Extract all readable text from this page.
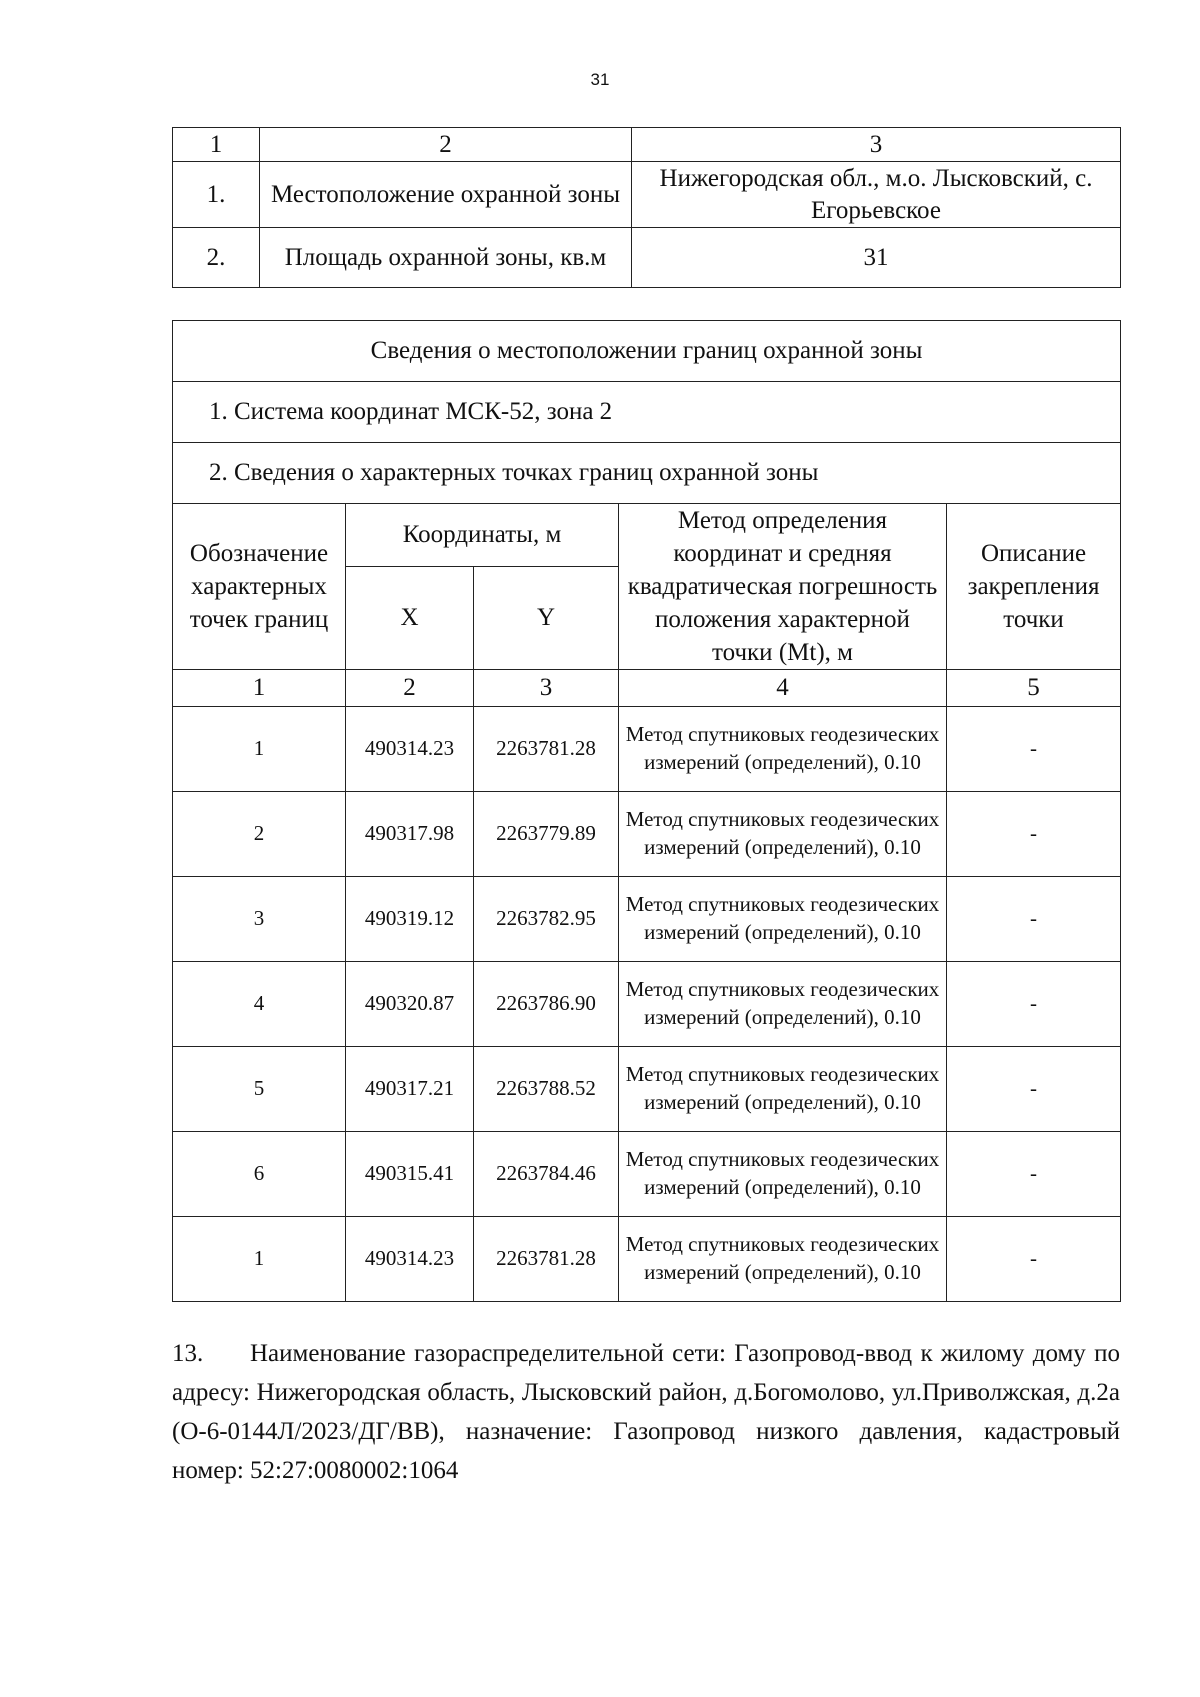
31
1	2	3
1.	Местоположение охранной зоны	Нижегородская обл., м.о. Лысковский, с. Егорьевское
2.	Площадь охранной зоны, кв.м	31
Сведения о местоположении границ охранной зоны				
1. Система координат МСК-52, зона 2				
2. Сведения о характерных точках границ охранной зоны				
Обозначение характерных точек границ	Координаты, м		Метод определения координат и средняя квадратическая погрешность положения характерной точки (Mt), м	Описание закрепления точки
	X	Y		
1	2	3	4	5
1	490314.23	2263781.28	Метод спутниковых геодезических измерений (определений), 0.10	-
2	490317.98	2263779.89	Метод спутниковых геодезических измерений (определений), 0.10	-
3	490319.12	2263782.95	Метод спутниковых геодезических измерений (определений), 0.10	-
4	490320.87	2263786.90	Метод спутниковых геодезических измерений (определений), 0.10	-
5	490317.21	2263788.52	Метод спутниковых геодезических измерений (определений), 0.10	-
6	490315.41	2263784.46	Метод спутниковых геодезических измерений (определений), 0.10	-
1	490314.23	2263781.28	Метод спутниковых геодезических измерений (определений), 0.10	-
13. Наименование газораспределительной сети: Газопровод-ввод к жилому дому по адресу: Нижегородская область, Лысковский район, д.Богомолово, ул.Приволжская, д.2а (О-6-0144Л/2023/ДГ/ВВ), назначение: Газопровод низкого давления, кадастровый номер: 52:27:0080002:1064
